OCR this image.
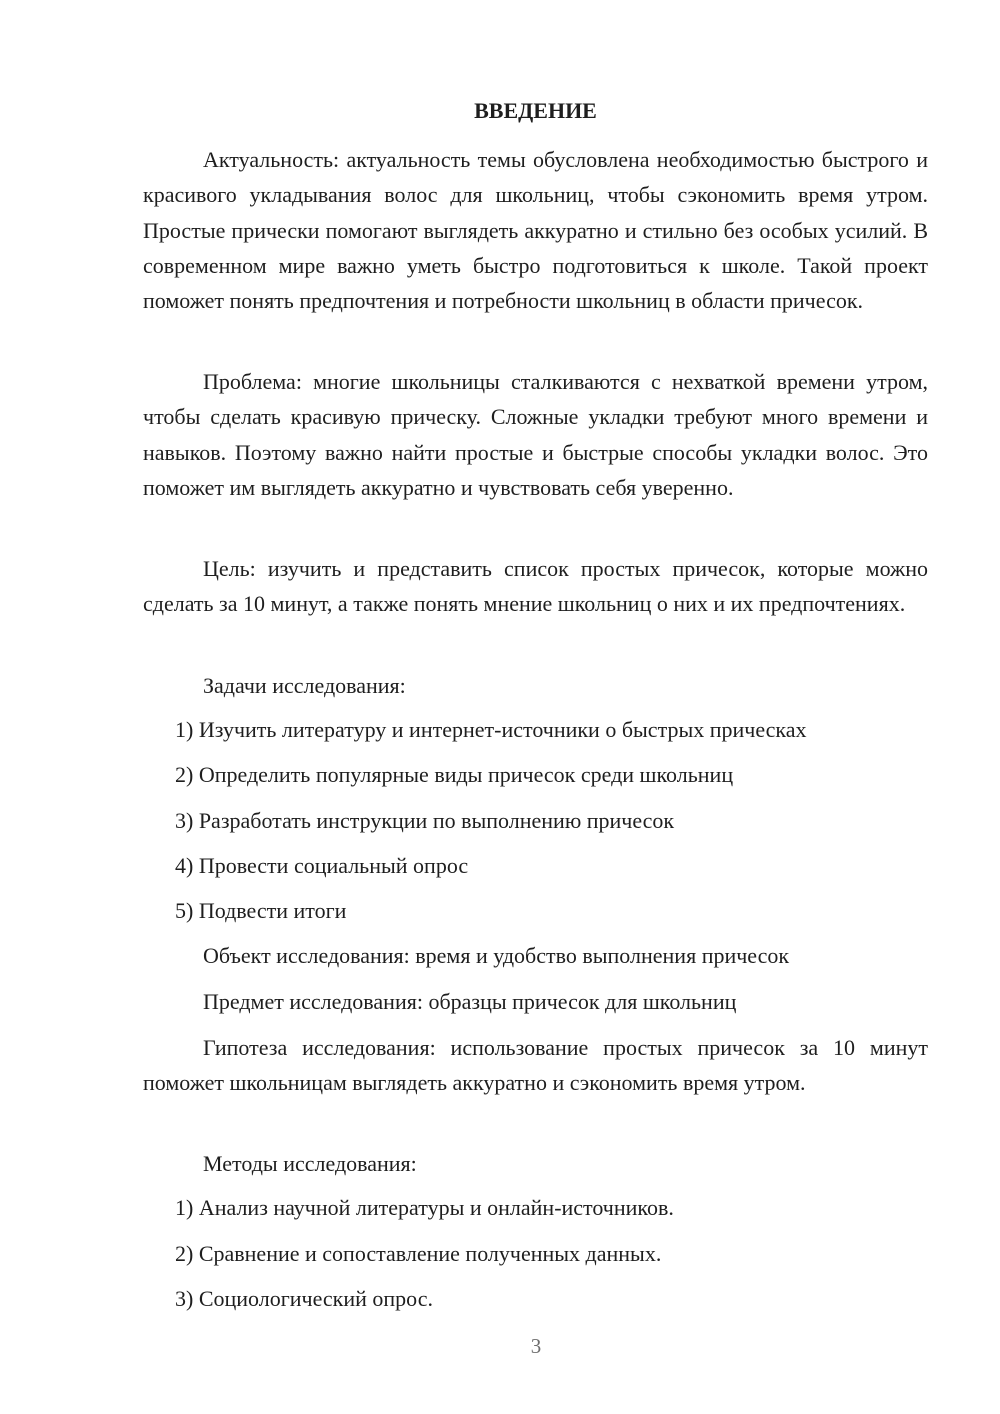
ВВЕДЕНИЕ

Актуальность: актуальность темы обусловлена необходимостью быстрого и красивого укладывания волос для школьниц, чтобы сэкономить время утром. Простые прически помогают выглядеть аккуратно и стильно без особых усилий. В современном мире важно уметь быстро подготовиться к школе. Такой проект поможет понять предпочтения и потребности школьниц в области причесок.

Проблема: многие школьницы сталкиваются с нехваткой времени утром, чтобы сделать красивую прическу. Сложные укладки требуют много времени и навыков. Поэтому важно найти простые и быстрые способы укладки волос. Это поможет им выглядеть аккуратно и чувствовать себя уверенно.

Цель: изучить и представить список простых причесок, которые можно сделать за 10 минут, а также понять мнение школьниц о них и их предпочтениях.

Задачи исследования:
1) Изучить литературу и интернет-источники о быстрых прическах
2) Определить популярные виды причесок среди школьниц
3) Разработать инструкции по выполнению причесок
4) Провести социальный опрос
5) Подвести итоги
Объект исследования: время и удобство выполнения причесок
Предмет исследования: образцы причесок для школьниц

Гипотеза исследования: использование простых причесок за 10 минут поможет школьницам выглядеть аккуратно и сэкономить время утром.

Методы исследования:
1) Анализ научной литературы и онлайн-источников.
2) Сравнение и сопоставление полученных данных.
3) Социологический опрос.
3
